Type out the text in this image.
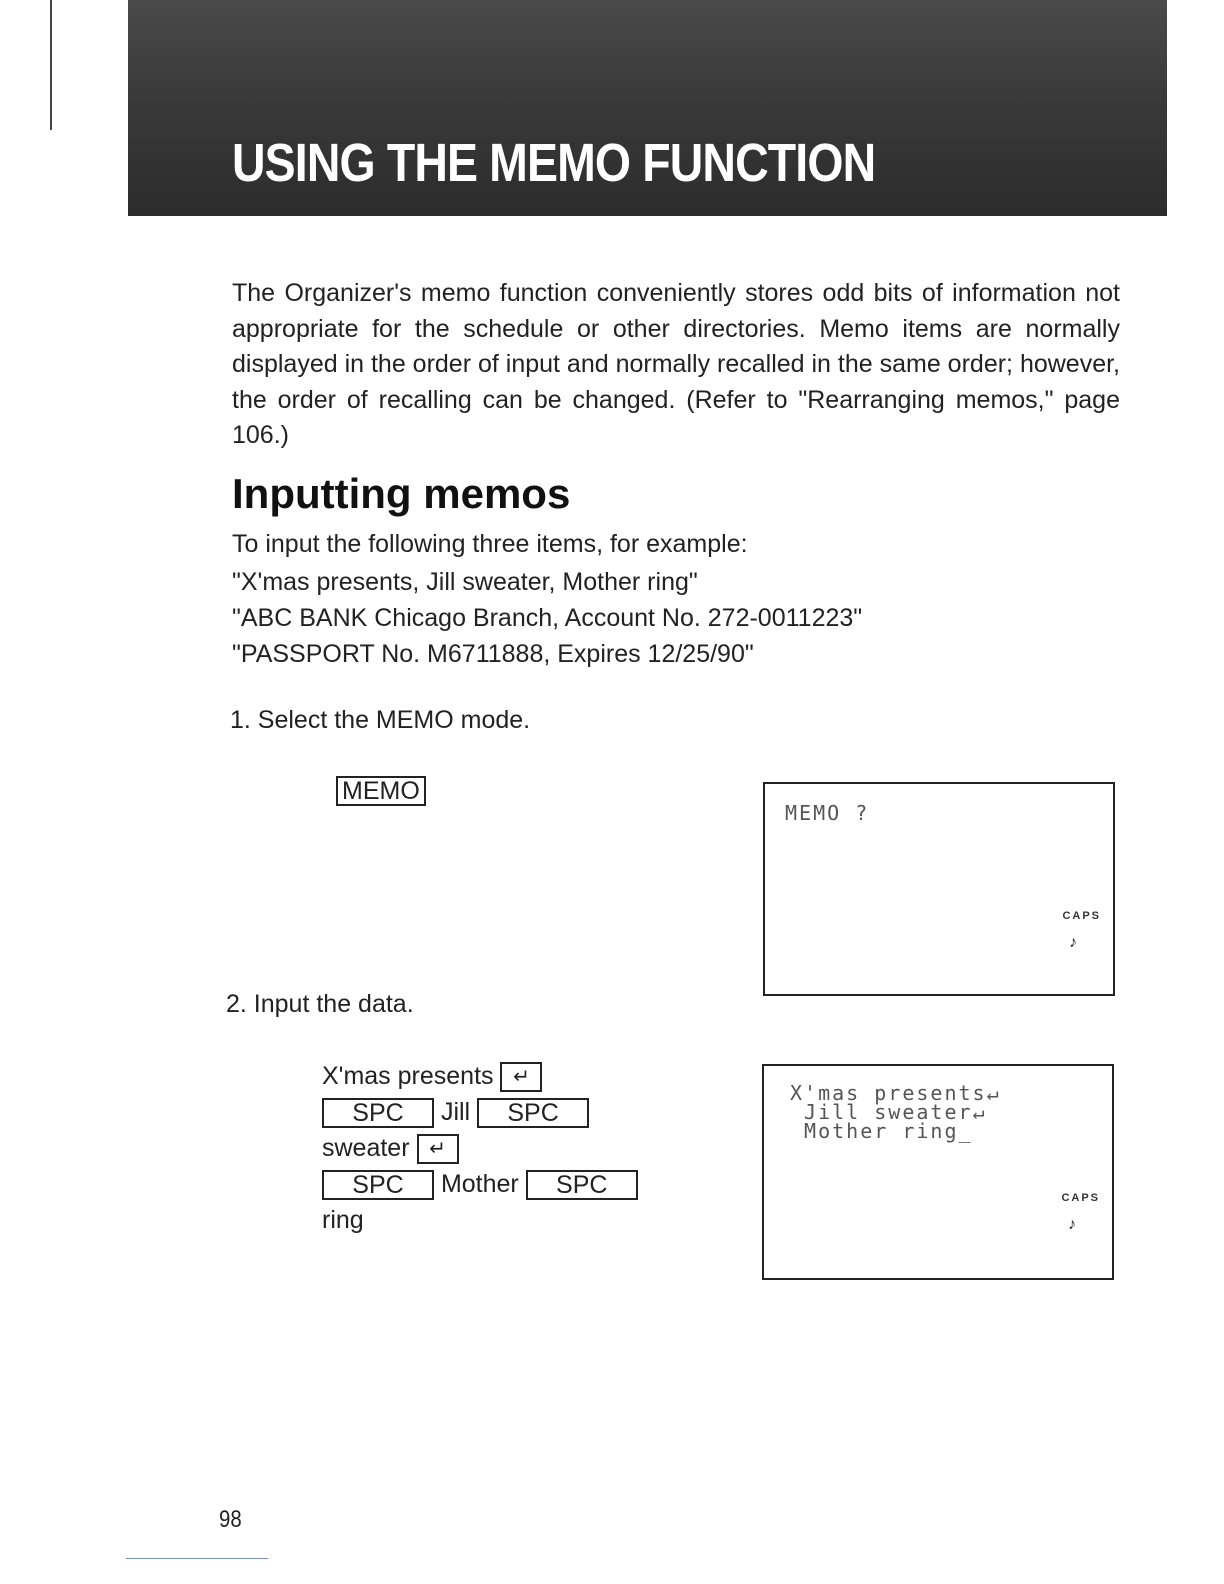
USING THE MEMO FUNCTION
The Organizer's memo function conveniently stores odd bits of information not appropriate for the schedule or other directories. Memo items are normally displayed in the order of input and normally recalled in the same order; however, the order of recalling can be changed. (Refer to "Rearranging memos," page 106.)
Inputting memos
To input the following three items, for example:
"X'mas presents, Jill sweater, Mother ring"
"ABC BANK Chicago Branch, Account No. 272-0011223"
"PASSPORT No. M6711888, Expires 12/25/90"
1. Select the MEMO mode.
MEMO
MEMO ?
CAPS
♪
2. Input the data.
X'mas presents ↵
SPC Jill SPC
sweater ↵
SPC Mother SPC
ring
X'mas presents↵
Jill sweater↵
Mother ring_
CAPS
♪
98
